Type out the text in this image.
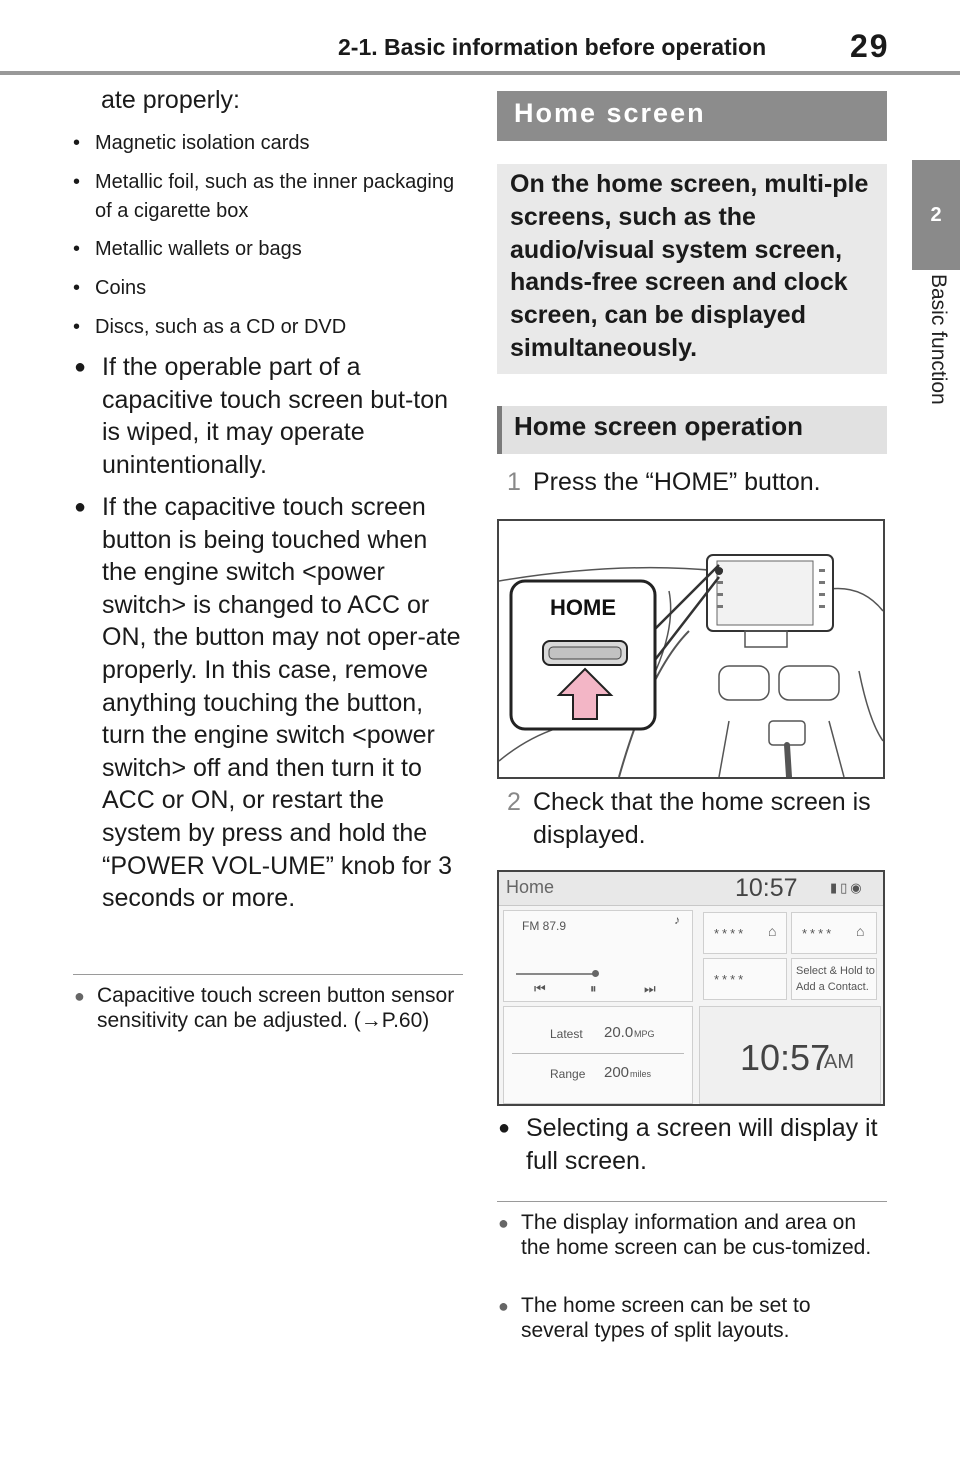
2-1. Basic information before operation	29
2
Basic function
ate properly:
• Magnetic isolation cards
• Metallic foil, such as the inner packaging of a cigarette box
• Metallic wallets or bags
• Coins
• Discs, such as a CD or DVD
● If the operable part of a capacitive touch screen but-ton is wiped, it may operate unintentionally.
● If the capacitive touch screen button is being touched when the engine switch <power switch> is changed to ACC or ON, the button may not oper-ate properly. In this case, remove anything touching the button, turn the engine switch <power switch> off and then turn it to ACC or ON, or restart the system by press and hold the “POWER VOL-UME” knob for 3 seconds or more.
● Capacitive touch screen button sensor sensitivity can be adjusted. (→P.60)
Home screen
On the home screen, multi-ple screens, such as the audio/visual system screen, hands-free screen and clock screen, can be displayed simultaneously.
Home screen operation
1 Press the “HOME” button.
HOME
2 Check that the home screen is displayed.
Home	10:57 ▮▯◉
FM 87.9	♪
⏮	⏸	⏭
**** ⌂ **** ⌂
****
Select & Hold to
Add a Contact.
Latest 20.0 MPG
Range 200 miles 10:57
AM
● Selecting a screen will display it full screen.
● The display information and area on the home screen can be cus-tomized.
● The home screen can be set to several types of split layouts.
